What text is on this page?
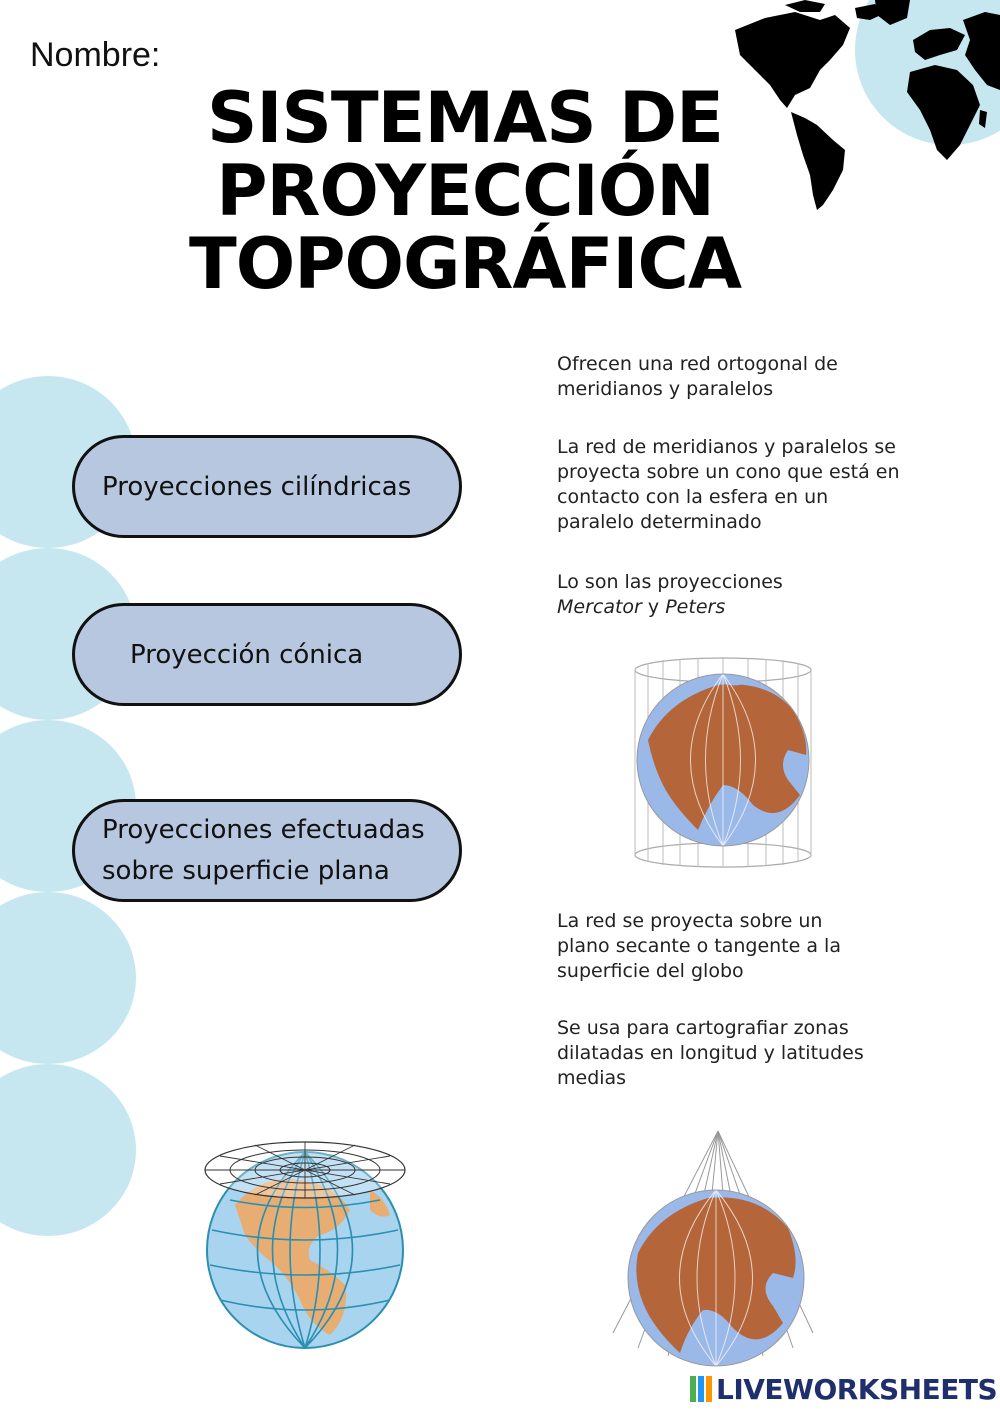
Nombre:
SISTEMAS DE
PROYECCIÓN
TOPOGRÁFICA
Proyecciones cilíndricas
Proyección cónica
Proyecciones efectuadas
sobre superficie plana
Ofrecen una red ortogonal de meridianos y paralelos
La red de meridianos y paralelos se proyecta sobre un cono que está en contacto con la esfera en un paralelo determinado
Lo son las proyecciones
Mercator y Peters
La red se proyecta sobre un plano secante o tangente a la superficie del globo
Se usa para cartografiar zonas dilatadas en longitud y latitudes medias
LIVEWORKSHEETS
